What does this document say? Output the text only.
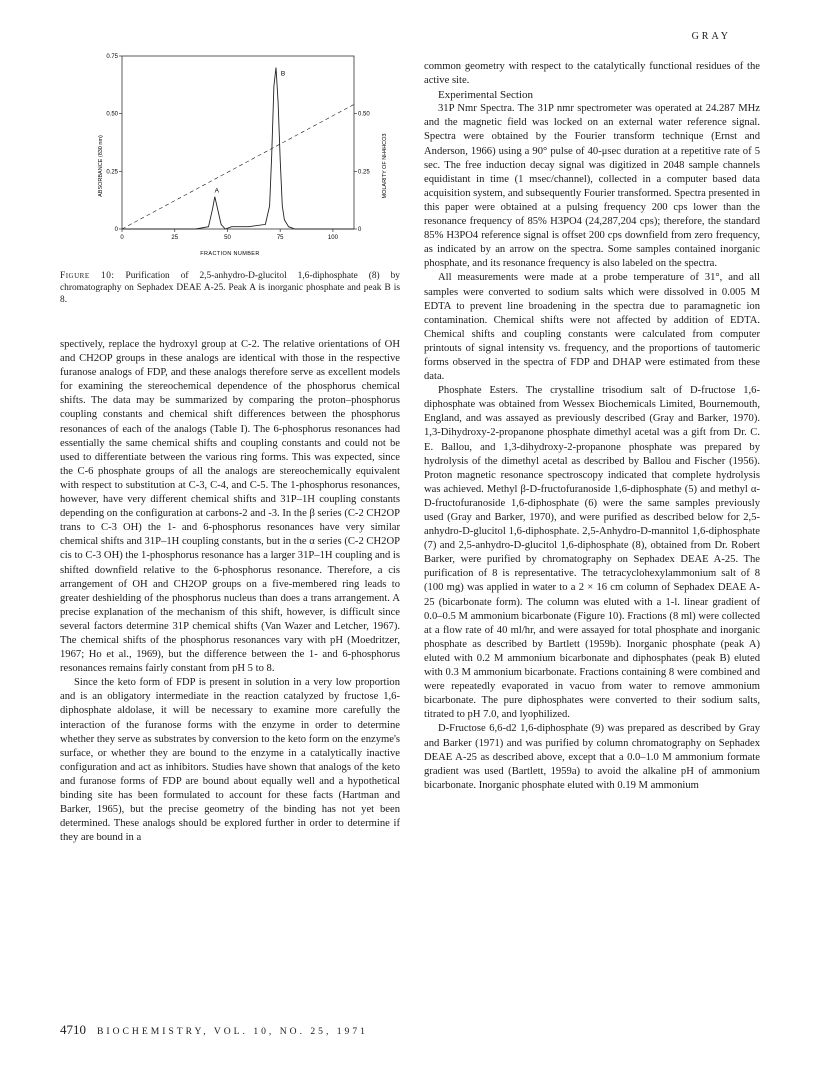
GRAY
0
0.25
0.50
0.75
0
0.25
0.50
0	25	50	75	100
FRACTION NUMBER
ABSORBANCE (830 nm)	MOLARITY OF NH4HCO3
A
B
Figure 10: Purification of 2,5-anhydro-D-glucitol 1,6-diphosphate (8) by chromatography on Sephadex DEAE A-25. Peak A is inorganic phosphate and peak B is 8.

spectively, replace the hydroxyl group at C-2. The relative orientations of OH and CH2OP groups in these analogs are identical with those in the respective furanose analogs of FDP, and these analogs therefore serve as excellent models for examining the stereochemical dependence of the phosphorus chemical shifts. The data may be summarized by comparing the proton–phosphorus coupling constants and chemical shift differences between the phosphorus resonances of each of the analogs (Table I). The 6-phosphorus resonances had essentially the same chemical shifts and coupling constants and could not be used to differentiate between the various ring forms. This was expected, since the C-6 phosphate groups of all the analogs are stereochemically equivalent with respect to substitution at C-3, C-4, and C-5. The 1-phosphorus resonances, however, have very different chemical shifts and 31P–1H coupling constants depending on the configuration at carbons-2 and -3. In the β series (C-2 CH2OP trans to C-3 OH) the 1- and 6-phosphorus resonances have very similar chemical shifts and 31P–1H coupling constants, but in the α series (C-2 CH2OP cis to C-3 OH) the 1-phosphorus resonance has a larger 31P–1H coupling and is shifted downfield relative to the 6-phosphorus resonance. Therefore, a cis arrangement of OH and CH2OP groups on a five-membered ring leads to greater deshielding of the phosphorus nucleus than does a trans arrangement. A precise explanation of the mechanism of this shift, however, is difficult since several factors determine 31P chemical shifts (Van Wazer and Letcher, 1967). The chemical shifts of the phosphorus resonances vary with pH (Moedritzer, 1967; Ho et al., 1969), but the difference between the 1- and 6-phosphorus resonances remains fairly constant from pH 5 to 8.

Since the keto form of FDP is present in solution in a very low proportion and is an obligatory intermediate in the reaction catalyzed by fructose 1,6-diphosphate aldolase, it will be necessary to examine more carefully the interaction of the furanose forms with the enzyme in order to determine whether they serve as substrates by conversion to the keto form on the enzyme's surface, or whether they are bound to the enzyme in a catalytically inactive configuration and act as inhibitors. Studies have shown that analogs of the keto and furanose forms of FDP are bound about equally well and a hypothetical binding site has been formulated to account for these facts (Hartman and Barker, 1965), but the precise geometry of the binding has not yet been determined. These analogs should be explored further in order to determine if they are bound in a

common geometry with respect to the catalytically functional residues of the active site.

Experimental Section

31P Nmr Spectra. The 31P nmr spectrometer was operated at 24.287 MHz and the magnetic field was locked on an external water reference signal. Spectra were obtained by the Fourier transform technique (Ernst and Anderson, 1966) using a 90° pulse of 40-μsec duration at a repetitive rate of 5 sec. The free induction decay signal was digitized in 2048 sample channels equidistant in time (1 msec/channel), collected in a computer based data acquisition system, and subsequently Fourier transformed. Spectra presented in this paper were obtained at a pulsing frequency 200 cps lower than the resonance frequency of 85% H3PO4 (24,287,204 cps); therefore, the standard 85% H3PO4 reference signal is offset 200 cps downfield from zero frequency, as indicated by an arrow on the spectra. Some samples contained inorganic phosphate, and its resonance frequency is also labeled on the spectra.

All measurements were made at a probe temperature of 31°, and all samples were converted to sodium salts which were dissolved in 0.005 M EDTA to prevent line broadening in the spectra due to paramagnetic ion contamination. Chemical shifts were not affected by addition of EDTA. Chemical shifts and coupling constants were calculated from computer printouts of signal intensity vs. frequency, and the proportions of tautomeric forms observed in the spectra of FDP and DHAP were estimated from these data.

Phosphate Esters. The crystalline trisodium salt of D-fructose 1,6-diphosphate was obtained from Wessex Biochemicals Limited, Bournemouth, England, and was assayed as previously described (Gray and Barker, 1970). 1,3-Dihydroxy-2-propanone phosphate dimethyl acetal was a gift from Dr. C. E. Ballou, and 1,3-dihydroxy-2-propanone phosphate was prepared by hydrolysis of the dimethyl acetal as described by Ballou and Fischer (1956). Proton magnetic resonance spectroscopy indicated that complete hydrolysis was achieved. Methyl β-D-fructofuranoside 1,6-diphosphate (5) and methyl α-D-fructofuranoside 1,6-diphosphate (6) were the same samples previously used (Gray and Barker, 1970), and were purified as described below for 2,5-anhydro-D-glucitol 1,6-diphosphate. 2,5-Anhydro-D-mannitol 1,6-diphosphate (7) and 2,5-anhydro-D-glucitol 1,6-diphosphate (8), obtained from Dr. Robert Barker, were purified by chromatography on Sephadex DEAE A-25. The purification of 8 is representative. The tetracyclohexylammonium salt of 8 (100 mg) was applied in water to a 2 × 16 cm column of Sephadex DEAE A-25 (bicarbonate form). The column was eluted with a 1-l. linear gradient of 0.0–0.5 M ammonium bicarbonate (Figure 10). Fractions (8 ml) were collected at a flow rate of 40 ml/hr, and were assayed for total phosphate and inorganic phosphate as described by Bartlett (1959b). Inorganic phosphate (peak A) eluted with 0.2 M ammonium bicarbonate and diphosphates (peak B) eluted with 0.3 M ammonium bicarbonate. Fractions containing 8 were combined and were repeatedly evaporated in vacuo from water to remove ammonium bicarbonate. The pure diphosphates were converted to their sodium salts, titrated to pH 7.0, and lyophilized.

D-Fructose 6,6-d2 1,6-diphosphate (9) was prepared as described by Gray and Barker (1971) and was purified by column chromatography on Sephadex DEAE A-25 as described above, except that a 0.0–1.0 M ammonium formate gradient was used (Bartlett, 1959a) to avoid the alkaline pH of ammonium bicarbonate. Inorganic phosphate eluted with 0.19 M ammonium

4710 BIOCHEMISTRY, VOL. 10, NO. 25, 1971
